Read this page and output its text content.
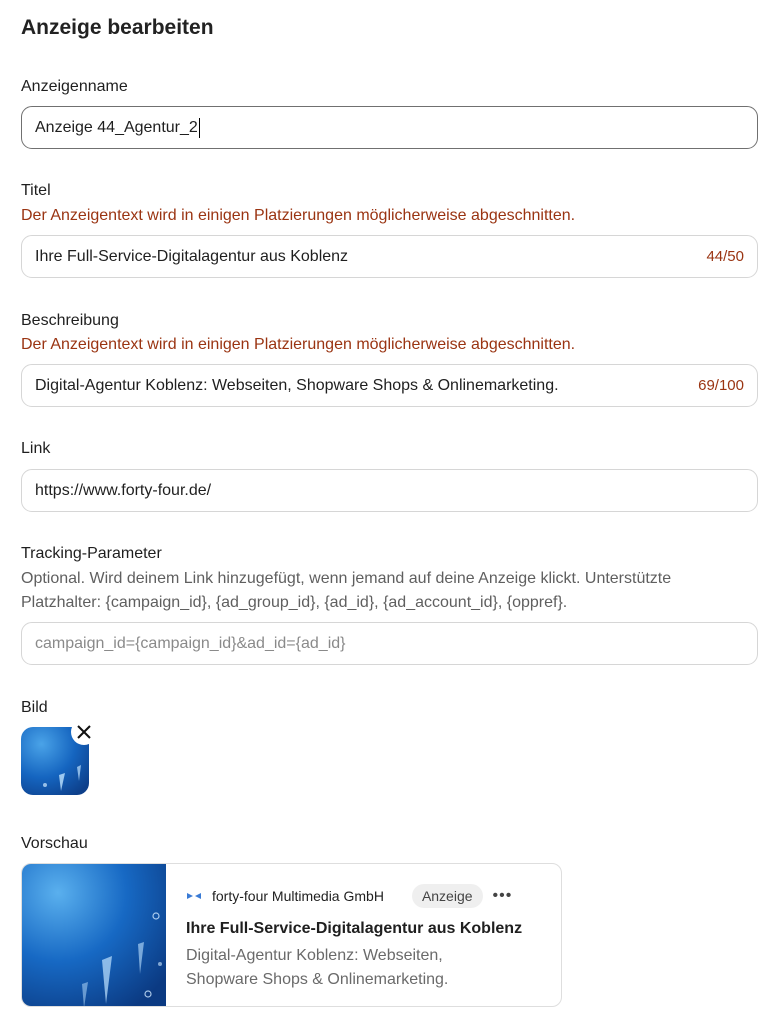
Anzeige bearbeiten
Anzeigenname
Anzeige 44_Agentur_2
Titel
Der Anzeigentext wird in einigen Platzierungen möglicherweise abgeschnitten.
Ihre Full-Service-Digitalagentur aus Koblenz	44/50
Beschreibung
Der Anzeigentext wird in einigen Platzierungen möglicherweise abgeschnitten.
Digital-Agentur Koblenz: Webseiten, Shopware Shops & Onlinemarketing.	69/100
Link
https://www.forty-four.de/
Tracking-Parameter
Optional. Wird deinem Link hinzugefügt, wenn jemand auf deine Anzeige klickt. Unterstützte Platzhalter: {campaign_id}, {ad_group_id}, {ad_id}, {ad_account_id}, {oppref}.
campaign_id={campaign_id}&ad_id={ad_id}
Bild
Vorschau
forty-four Multimedia GmbH	Anzeige	•••
Ihre Full-Service-Digitalagentur aus Koblenz
Digital-Agentur Koblenz: Webseiten, Shopware Shops & Onlinemarketing.
